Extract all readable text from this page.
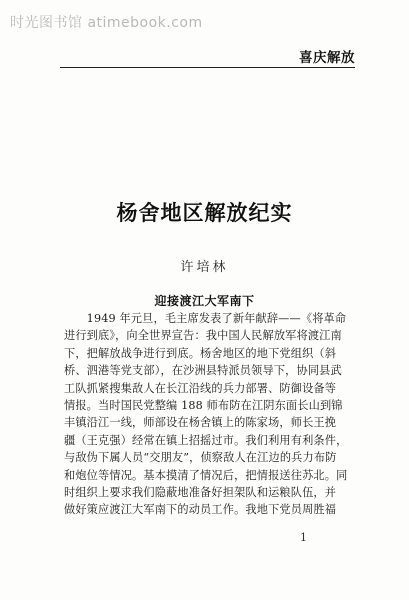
时光图书馆 atimebook.com
喜庆解放
杨舍地区解放纪实
许培林
迎接渡江大军南下
　　1949 年元旦，毛主席发表了新年献辞——《将革命
进行到底》，向全世界宣告：我中国人民解放军将渡江南
下，把解放战争进行到底。杨舍地区的地下党组织（斜
桥、泗港等党支部），在沙洲县特派员领导下，协同县武
工队抓紧搜集敌人在长江沿线的兵力部署、防御设备等
情报。当时国民党整编 188 师布防在江阴东面长山到锦
丰镇沿江一线，师部设在杨舍镇上的陈家场，师长王挽
疆（王克强）经常在镇上招摇过市。我们利用有利条件，
与敌伪下属人员“交朋友”，侦察敌人在江边的兵力布防
和炮位等情况。基本摸清了情况后，把情报送往苏北。同
时组织上要求我们隐蔽地准备好担架队和运粮队伍，并
做好策应渡江大军南下的动员工作。我地下党员周胜福
1
